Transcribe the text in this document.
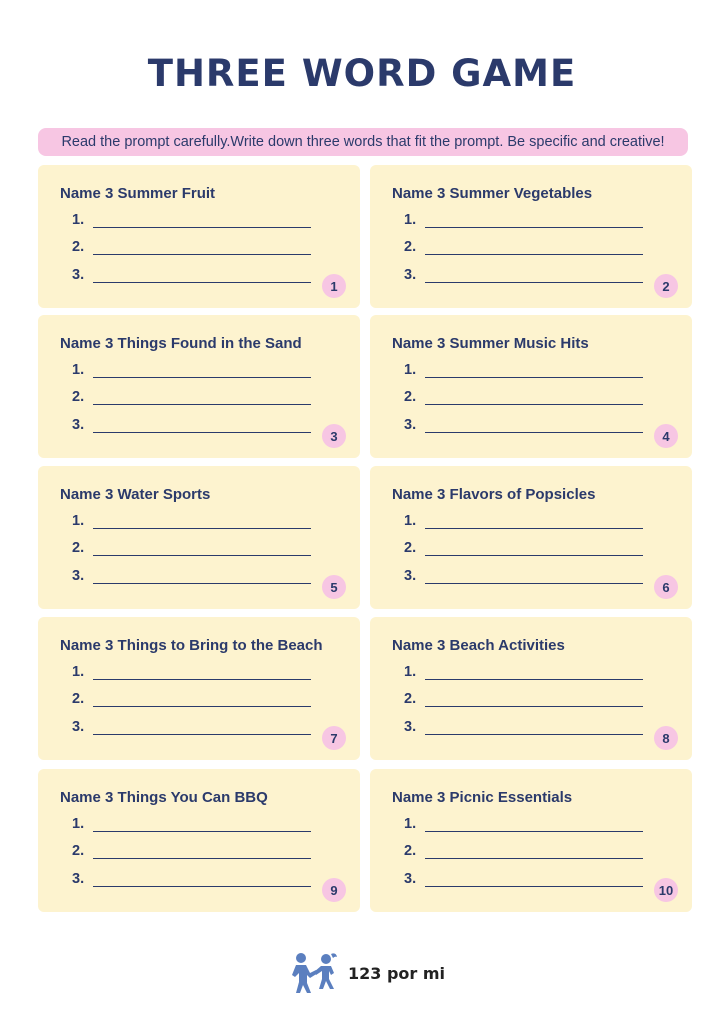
THREE WORD GAME
Read the prompt carefully.Write down three words that fit the prompt. Be specific and creative!
Name 3 Summer Fruit
1.
2.
3.
1
Name 3 Summer Vegetables
1.
2.
3.
2
Name 3 Things Found in the Sand
1.
2.
3.
3
Name 3 Summer Music Hits
1.
2.
3.
4
Name 3 Water Sports
1.
2.
3.
5
Name 3 Flavors of Popsicles
1.
2.
3.
6
Name 3 Things to Bring to the Beach
1.
2.
3.
7
Name 3 Beach Activities
1.
2.
3.
8
Name 3 Things You Can BBQ
1.
2.
3.
9
Name 3 Picnic Essentials
1.
2.
3.
10
123 por mi
